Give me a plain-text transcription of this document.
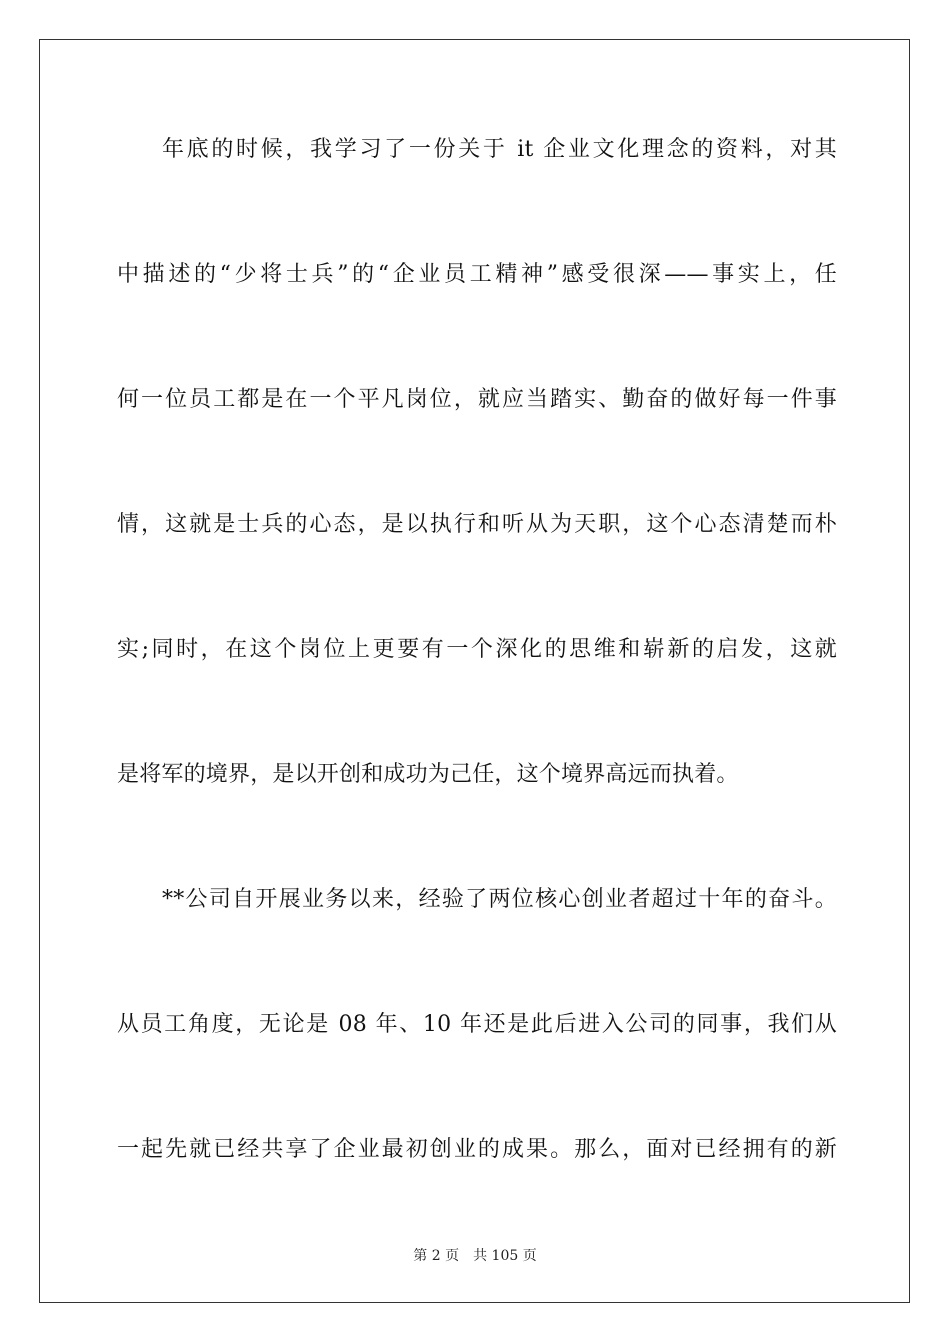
年底的时候，我学习了一份关于 it 企业文化理念的资料，对其
中描述的“少将士兵”的“企业员工精神”感受很深——事实上，任
何一位员工都是在一个平凡岗位，就应当踏实、勤奋的做好每一件事
情，这就是士兵的心态，是以执行和听从为天职，这个心态清楚而朴
实;同时，在这个岗位上更要有一个深化的思维和崭新的启发，这就
是将军的境界，是以开创和成功为己任，这个境界高远而执着。
**公司自开展业务以来，经验了两位核心创业者超过十年的奋斗。
从员工角度，无论是 08 年、10 年还是此后进入公司的同事，我们从
一起先就已经共享了企业最初创业的成果。那么，面对已经拥有的新
第 2 页　共 105 页
